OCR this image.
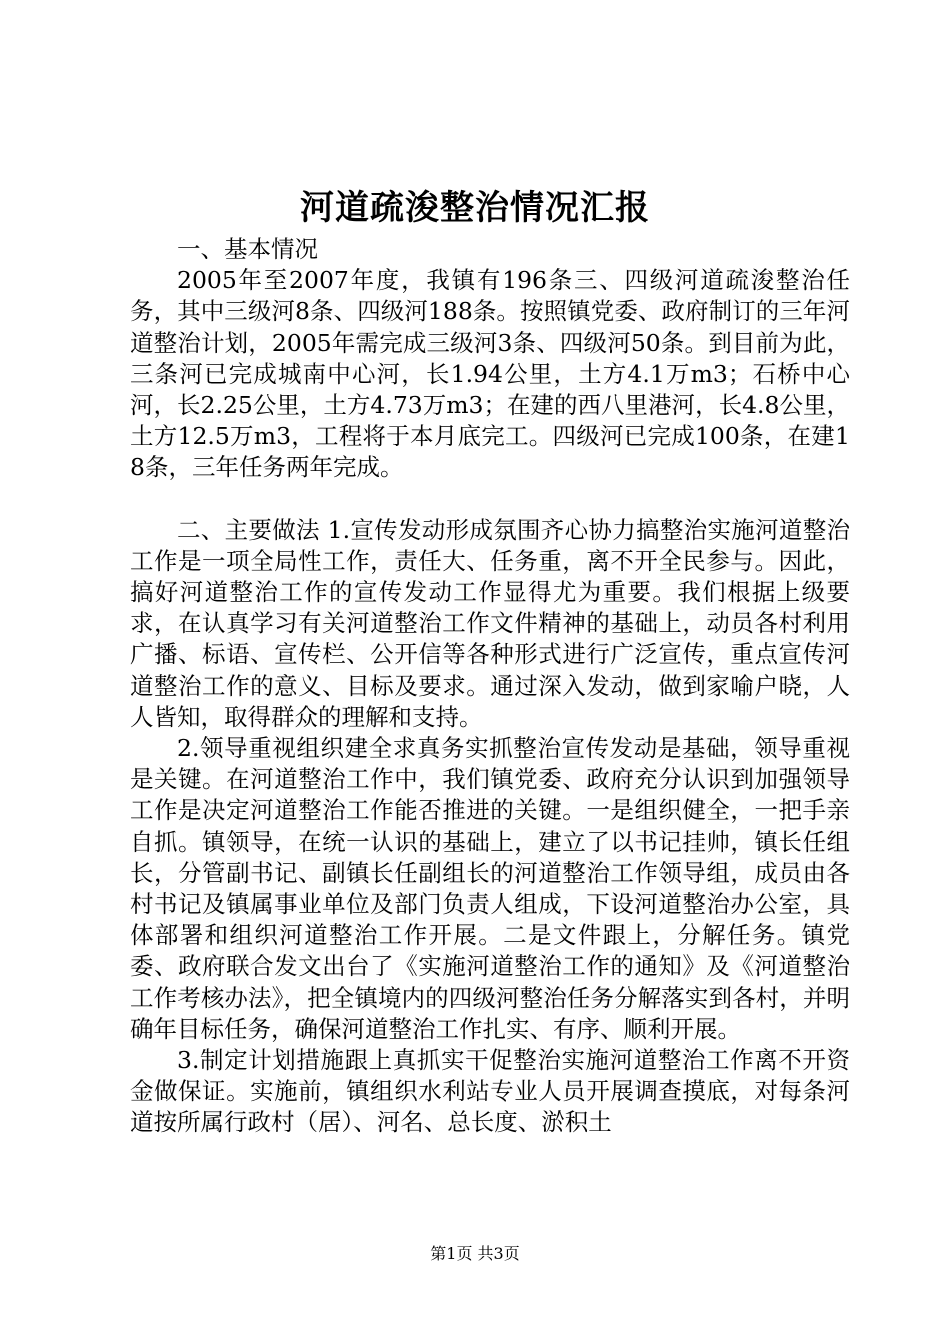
河道疏浚整治情况汇报

一、基本情况

2005年至2007年度，我镇有196条三、四级河道疏浚整治任务，其中三级河8条、四级河188条。按照镇党委、政府制订的三年河道整治计划，2005年需完成三级河3条、四级河50条。到目前为此，三条河已完成城南中心河，长1.94公里，土方4.1万m3；石桥中心河，长2.25公里，土方4.73万m3；在建的西八里港河，长4.8公里，土方12.5万m3，工程将于本月底完工。四级河已完成100条，在建18条，三年任务两年完成。

二、主要做法 1.宣传发动形成氛围齐心协力搞整治实施河道整治工作是一项全局性工作，责任大、任务重，离不开全民参与。因此，搞好河道整治工作的宣传发动工作显得尤为重要。我们根据上级要求，在认真学习有关河道整治工作文件精神的基础上，动员各村利用广播、标语、宣传栏、公开信等各种形式进行广泛宣传，重点宣传河道整治工作的意义、目标及要求。通过深入发动，做到家喻户晓，人人皆知，取得群众的理解和支持。

2.领导重视组织建全求真务实抓整治宣传发动是基础，领导重视是关键。在河道整治工作中，我们镇党委、政府充分认识到加强领导工作是决定河道整治工作能否推进的关键。一是组织健全，一把手亲自抓。镇领导，在统一认识的基础上，建立了以书记挂帅，镇长任组长，分管副书记、副镇长任副组长的河道整治工作领导组，成员由各村书记及镇属事业单位及部门负责人组成，下设河道整治办公室，具体部署和组织河道整治工作开展。二是文件跟上，分解任务。镇党委、政府联合发文出台了《实施河道整治工作的通知》及《河道整治工作考核办法》，把全镇境内的四级河整治任务分解落实到各村，并明确年目标任务，确保河道整治工作扎实、有序、顺利开展。

3.制定计划措施跟上真抓实干促整治实施河道整治工作离不开资金做保证。实施前，镇组织水利站专业人员开展调查摸底，对每条河道按所属行政村（居）、河名、总长度、淤积土

第1页 共3页
